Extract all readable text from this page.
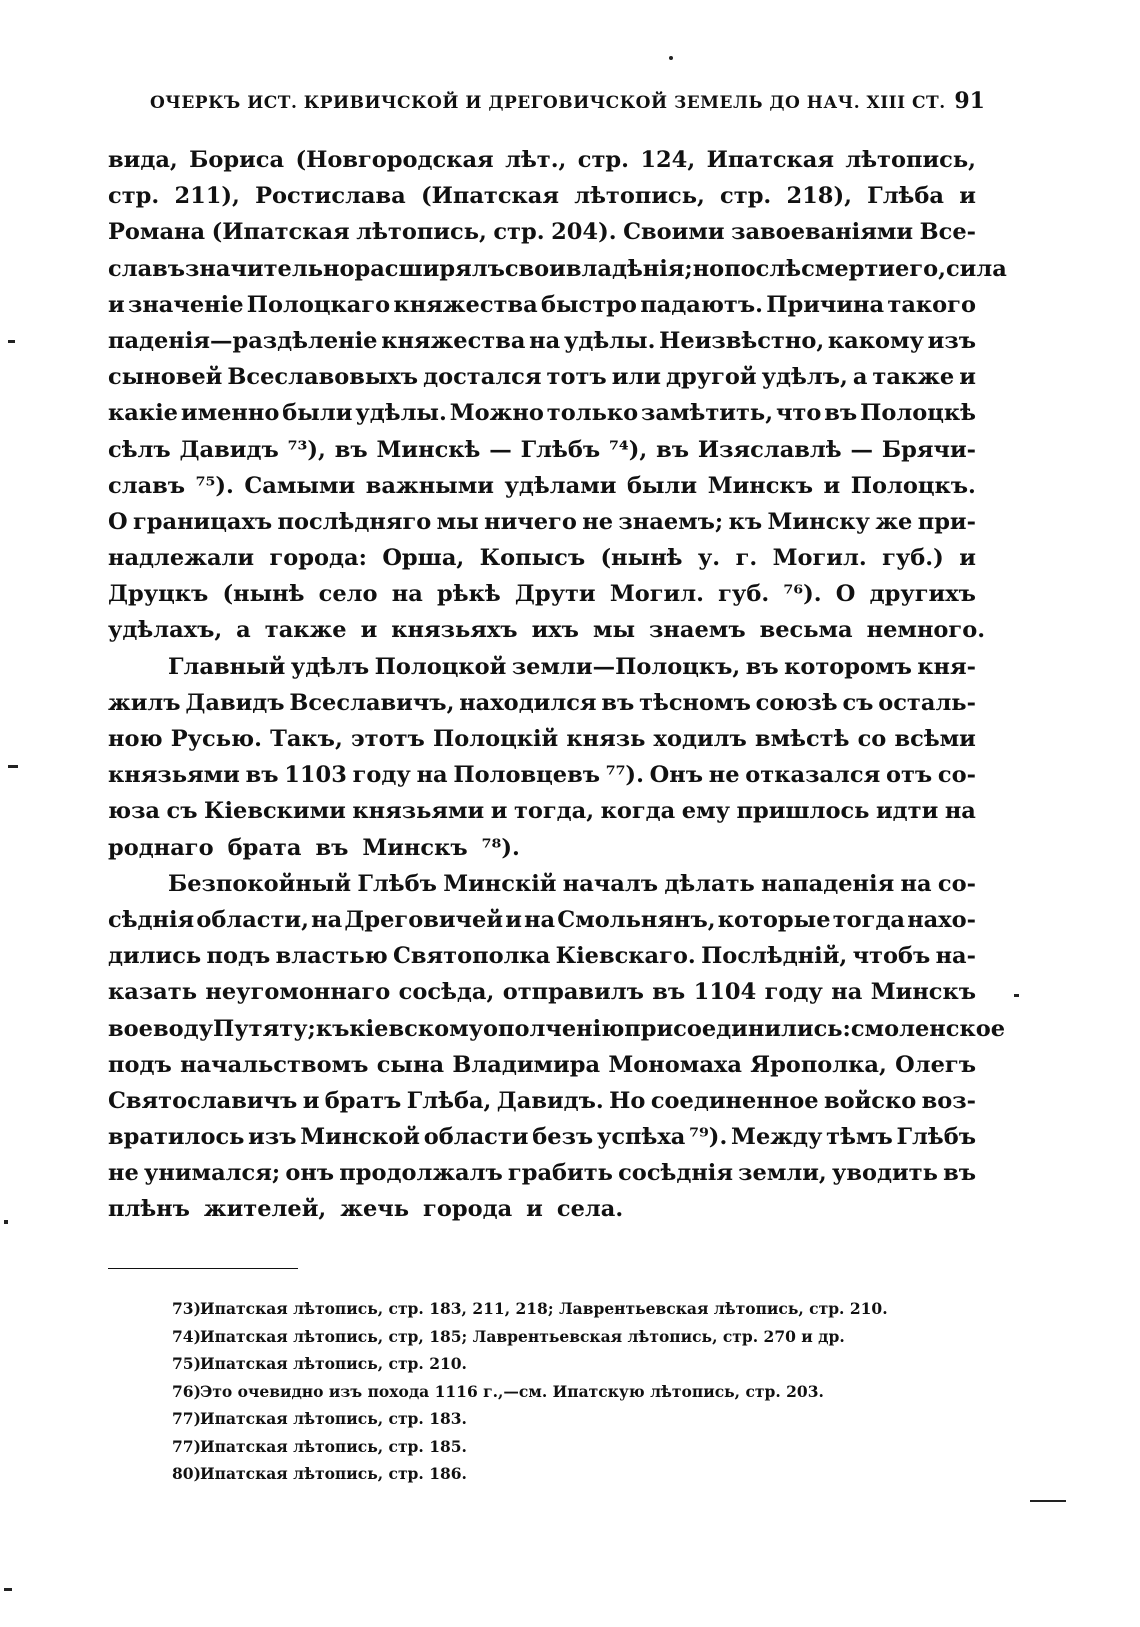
ОЧЕРКЪ ИСТ. КРИВИЧСКОЙ И ДРЕГОВИЧСКОЙ ЗЕМЕЛЬ ДО НАЧ. XIII СТ. 91
вида, Бориса (Новгородская лѣт., стр. 124, Ипатская лѣтопись,
стр. 211), Ростислава (Ипатская лѣтопись, стр. 218), Глѣба и
Романа (Ипатская лѣтопись, стр. 204). Своими завоеваніями Все-
славъ значительно расширялъ свои владѣнія; но послѣ смерти его, сила
и значеніе Полоцкаго княжества быстро падаютъ. Причина такого
паденія—раздѣленіе княжества на удѣлы. Неизвѣстно, какому изъ
сыновей Всеславовыхъ достался тотъ или другой удѣлъ, а также и
какіе именно были удѣлы. Можно только замѣтить, что въ Полоцкѣ
сѣлъ Давидъ ⁷³), въ Минскѣ — Глѣбъ ⁷⁴), въ Изяславлѣ — Брячи-
славъ ⁷⁵). Самыми важными удѣлами были Минскъ и Полоцкъ.
О границахъ послѣдняго мы ничего не знаемъ; къ Минску же при-
надлежали города: Орша, Копысъ (нынѣ у. г. Могил. губ.) и
Друцкъ (нынѣ село на рѣкѣ Друти Могил. губ. ⁷⁶). О другихъ
удѣлахъ, а также и князьяхъ ихъ мы знаемъ весьма немного.
Главный удѣлъ Полоцкой земли—Полоцкъ, въ которомъ кня-
жилъ Давидъ Всеславичъ, находился въ тѣсномъ союзѣ съ осталь-
ною Русью. Такъ, этотъ Полоцкій князь ходилъ вмѣстѣ со всѣми
князьями въ 1103 году на Половцевъ ⁷⁷). Онъ не отказался отъ со-
юза съ Кіевскими князьями и тогда, когда ему пришлось идти на
роднаго брата въ Минскъ ⁷⁸).
Безпокойный Глѣбъ Минскій началъ дѣлать нападенія на со-
сѣднія области, на Дреговичей и на Смольнянъ, которые тогда нахо-
дились подъ властью Святополка Кіевскаго. Послѣдній, чтобъ на-
казать неугомоннаго сосѣда, отправилъ въ 1104 году на Минскъ
воеводу Путяту; къ кіевскому ополченію присоединились: смоленское
подъ начальствомъ сына Владимира Мономаха Ярополка, Олегъ
Святославичъ и братъ Глѣба, Давидъ. Но соединенное войско воз-
вратилось изъ Минской области безъ успѣха ⁷⁹). Между тѣмъ Глѣбъ
не унимался; онъ продолжалъ грабить сосѣднія земли, уводить въ
плѣнъ жителей, жечь города и села.
73)Ипатская лѣтопись, стр. 183, 211, 218; Лаврентьевская лѣтопись, стр. 210.
74)Ипатская лѣтопись, стр, 185; Лаврентьевская лѣтопись, стр. 270 и др.
75)Ипатская лѣтопись, стр. 210.
76)Это очевидно изъ похода 1116 г.,—см. Ипатскую лѣтопись, стр. 203.
77)Ипатская лѣтопись, стр. 183.
77)Ипатская лѣтопись, стр. 185.
80)Ипатская лѣтопись, стр. 186.
